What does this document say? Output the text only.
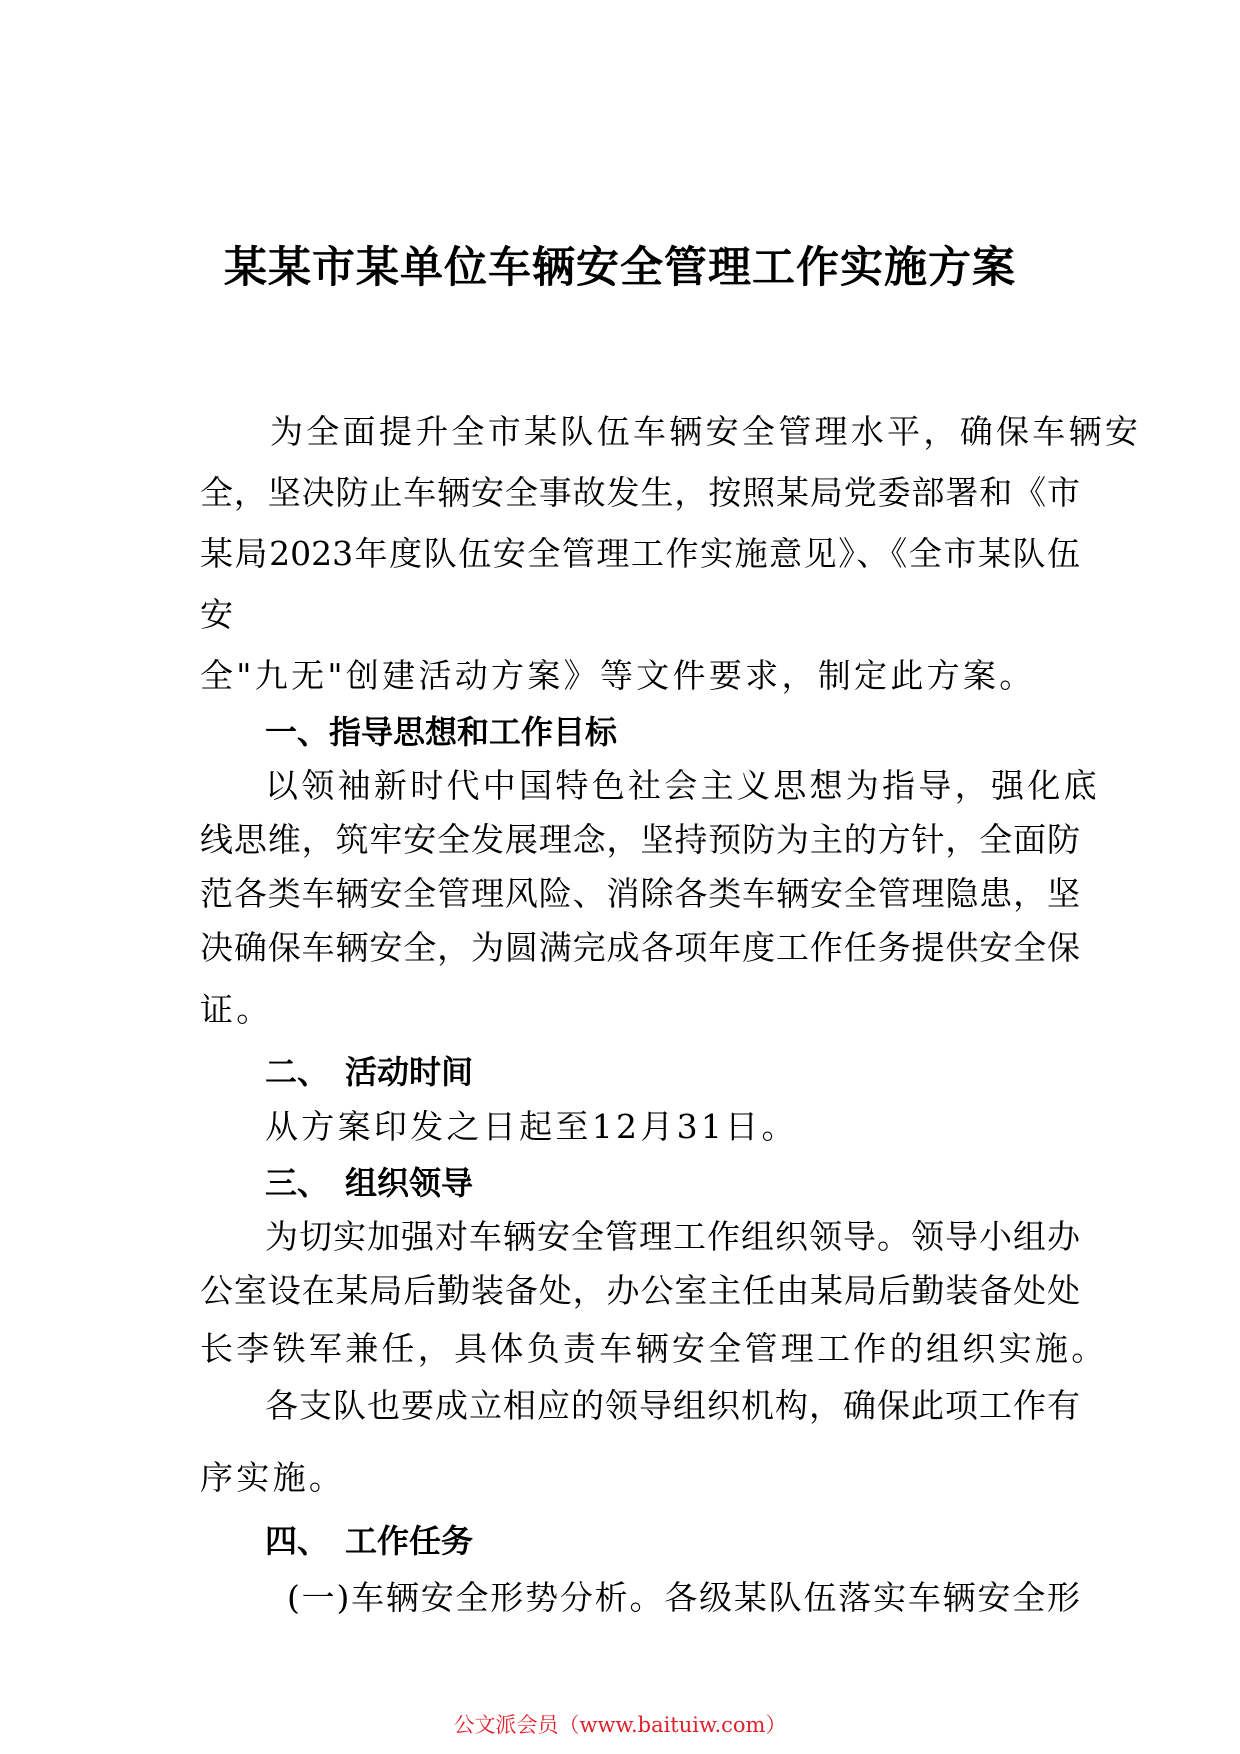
某某市某单位车辆安全管理工作实施方案
为全面提升全市某队伍车辆安全管理水平，确保车辆安
全，坚决防止车辆安全事故发生，按照某局党委部署和《市
某局2023年度队伍安全管理工作实施意见》、《全市某队伍
安
全"九无"创建活动方案》等文件要求，制定此方案。
一、指导思想和工作目标
以领袖新时代中国特色社会主义思想为指导，强化底
线思维，筑牢安全发展理念，坚持预防为主的方针，全面防
范各类车辆安全管理风险、消除各类车辆安全管理隐患，坚
决确保车辆安全，为圆满完成各项年度工作任务提供安全保
证。
二、 活动时间
从方案印发之日起至12月31日。
三、 组织领导
为切实加强对车辆安全管理工作组织领导。领导小组办
公室设在某局后勤装备处，办公室主任由某局后勤装备处处
长李铁军兼任，具体负责车辆安全管理工作的组织实施。
各支队也要成立相应的领导组织机构，确保此项工作有
序实施。
四、 工作任务
(一)车辆安全形势分析。各级某队伍落实车辆安全形
公文派会员（www.baituiw.com）
